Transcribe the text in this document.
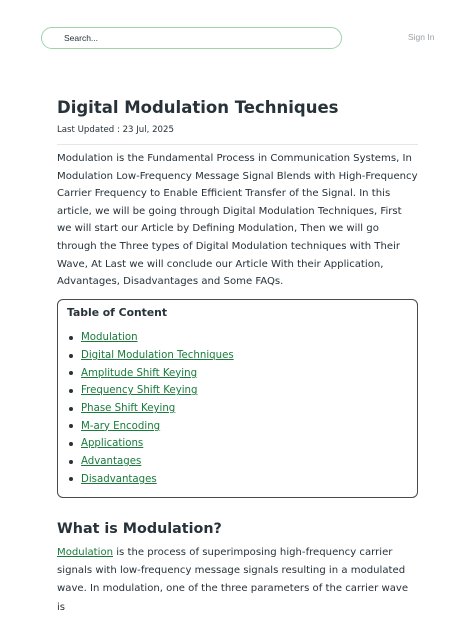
Search...	Sign In
Digital Modulation Techniques
Last Updated : 23 Jul, 2025

Modulation is the Fundamental Process in Communication Systems, In Modulation Low-Frequency Message Signal Blends with High-Frequency Carrier Frequency to Enable Efficient Transfer of the Signal. In this article, we will be going through Digital Modulation Techniques, First we will start our Article by Defining Modulation, Then we will go through the Three types of Digital Modulation techniques with Their Wave, At Last we will conclude our Article With their Application, Advantages, Disadvantages and Some FAQs.

Table of Content
Modulation
Digital Modulation Techniques
Amplitude Shift Keying
Frequency Shift Keying
Phase Shift Keying
M-ary Encoding
Applications
Advantages
Disadvantages
What is Modulation?

Modulation is the process of superimposing high-frequency carrier signals with low-frequency message signals resulting in a modulated wave. In modulation, one of the three parameters of the carrier wave is
